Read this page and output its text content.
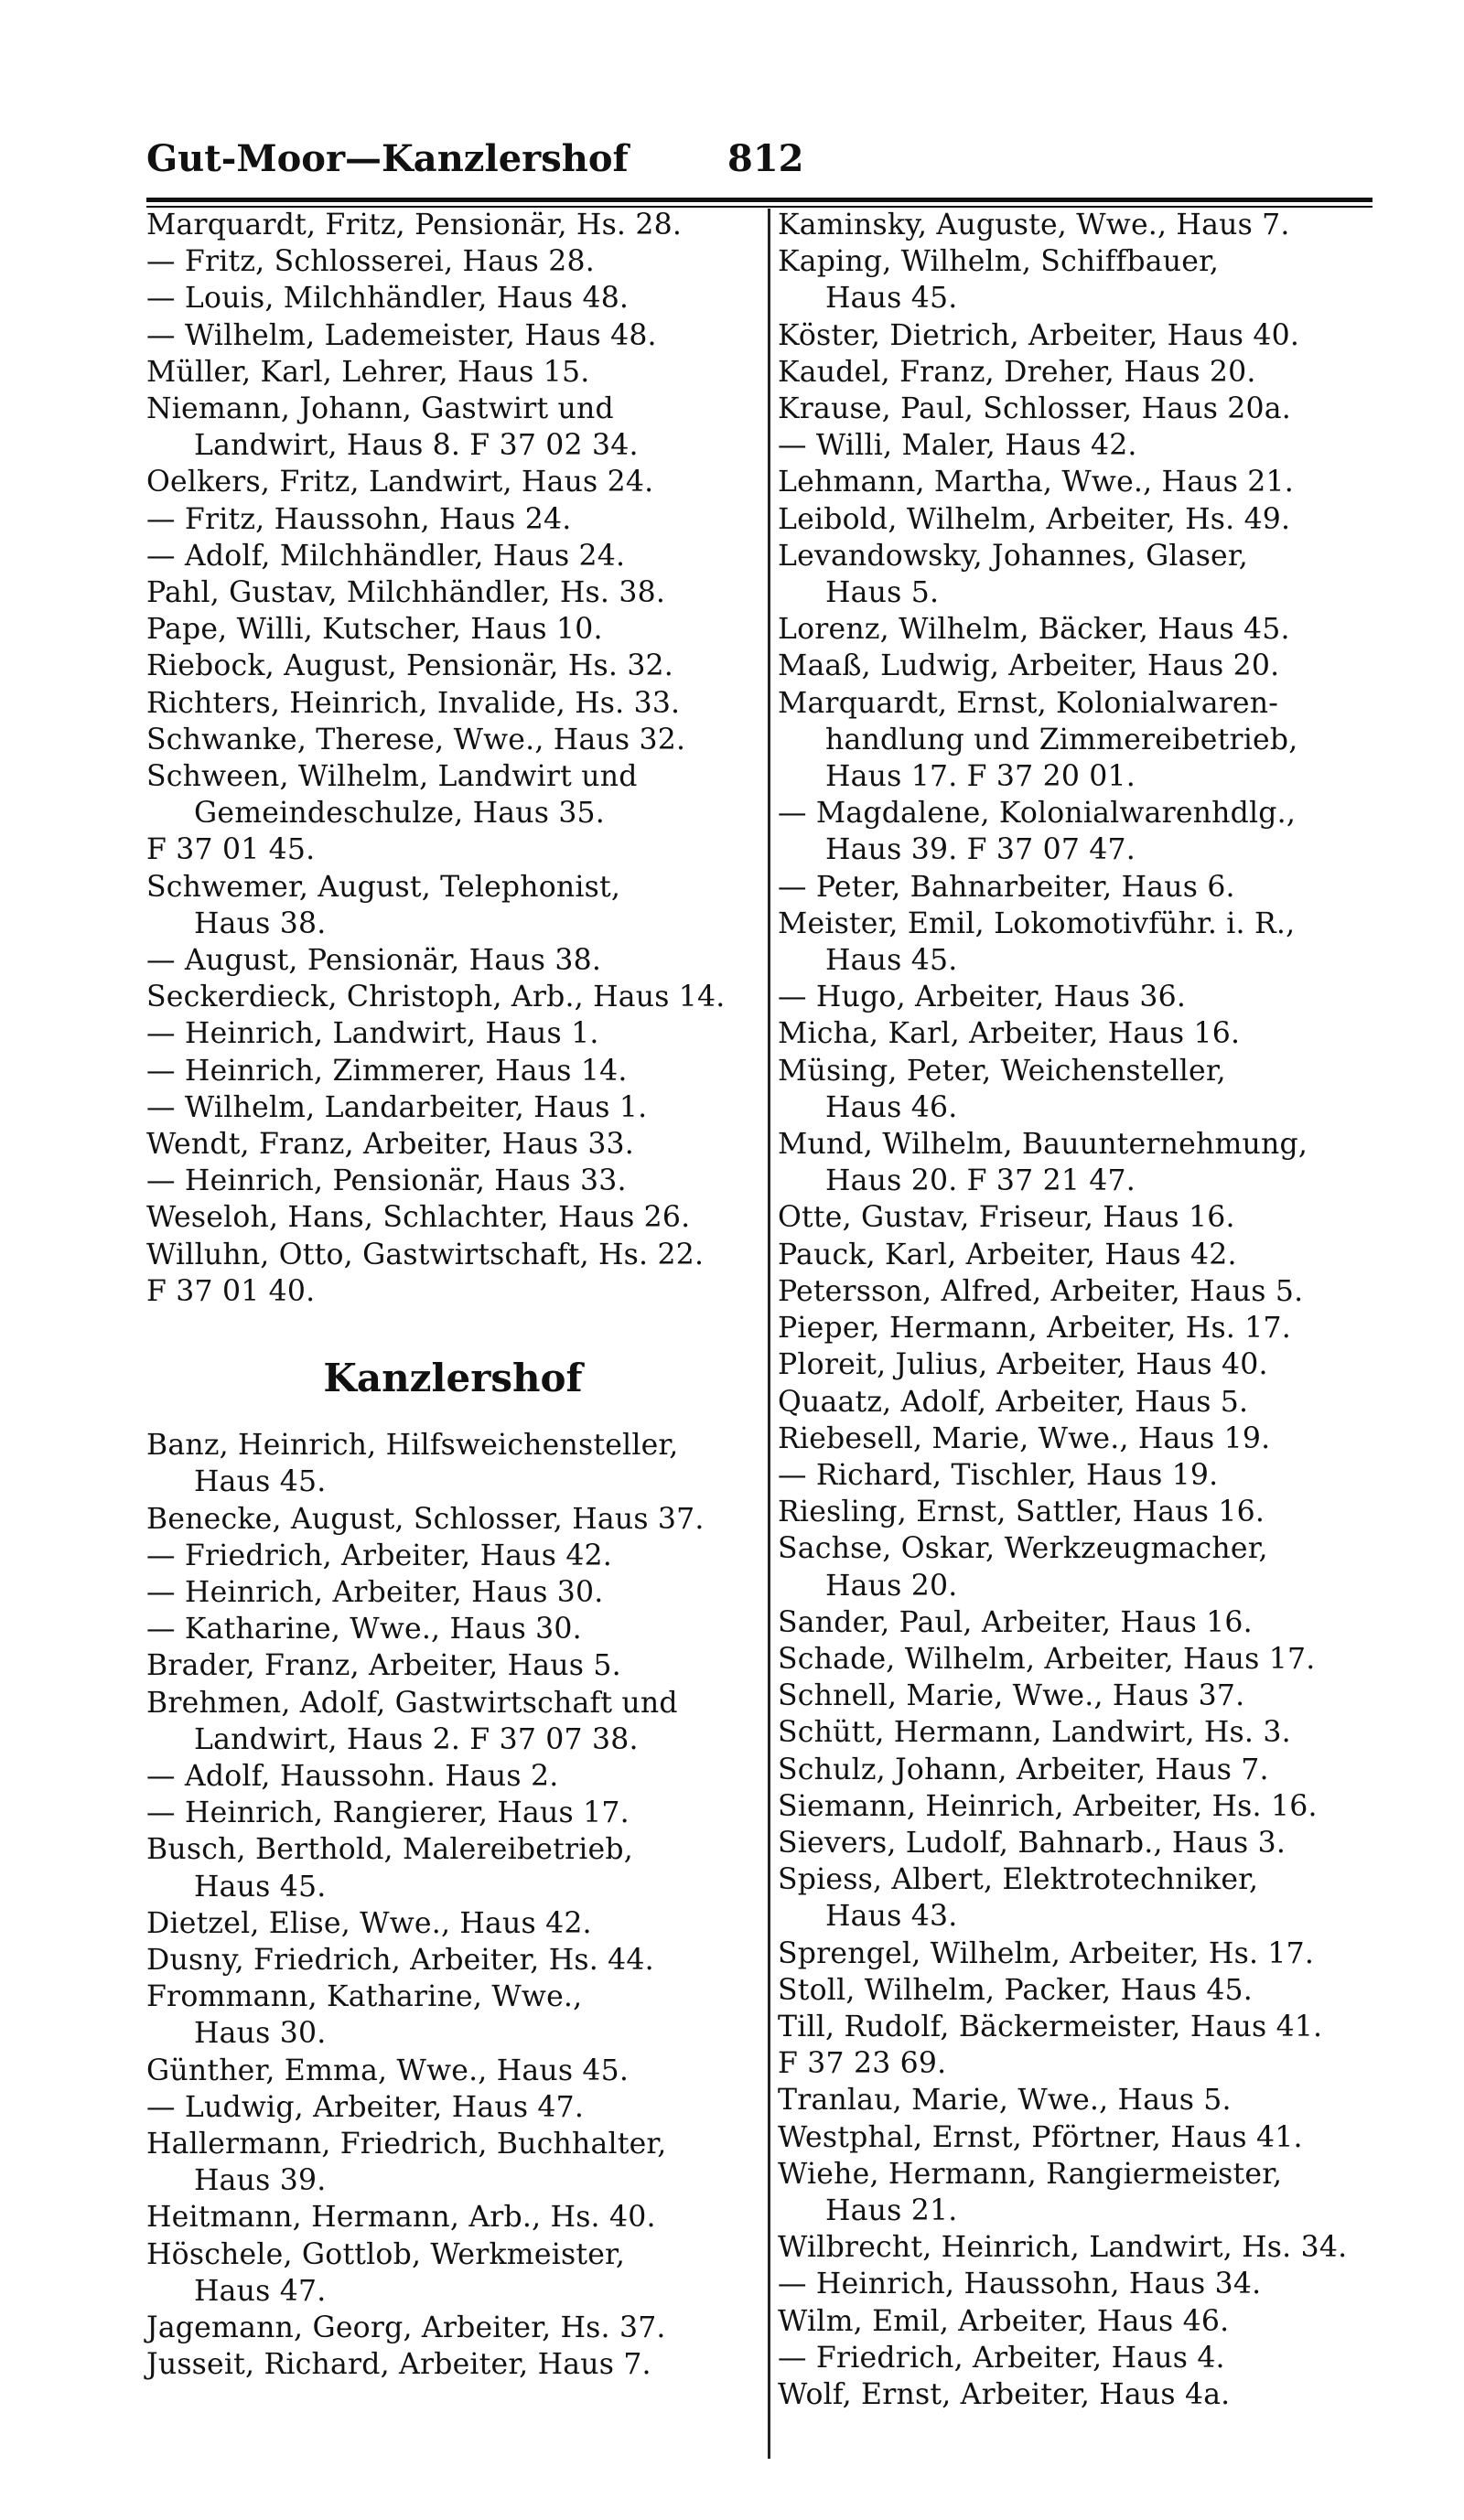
Gut-Moor—Kanzlershof	812
Marquardt, Fritz, Pensionär, Hs. 28.
— Fritz, Schlosserei, Haus 28.
— Louis, Milchhändler, Haus 48.
— Wilhelm, Lademeister, Haus 48.
Müller, Karl, Lehrer, Haus 15.
Niemann, Johann, Gastwirt und
Landwirt, Haus 8. F 37 02 34.
Oelkers, Fritz, Landwirt, Haus 24.
— Fritz, Haussohn, Haus 24.
— Adolf, Milchhändler, Haus 24.
Pahl, Gustav, Milchhändler, Hs. 38.
Pape, Willi, Kutscher, Haus 10.
Riebock, August, Pensionär, Hs. 32.
Richters, Heinrich, Invalide, Hs. 33.
Schwanke, Therese, Wwe., Haus 32.
Schween, Wilhelm, Landwirt und
Gemeindeschulze, Haus 35.
F 37 01 45.
Schwemer, August, Telephonist,
Haus 38.
— August, Pensionär, Haus 38.
Seckerdieck, Christoph, Arb., Haus 14.
— Heinrich, Landwirt, Haus 1.
— Heinrich, Zimmerer, Haus 14.
— Wilhelm, Landarbeiter, Haus 1.
Wendt, Franz, Arbeiter, Haus 33.
— Heinrich, Pensionär, Haus 33.
Weseloh, Hans, Schlachter, Haus 26.
Willuhn, Otto, Gastwirtschaft, Hs. 22.
F 37 01 40.
Kanzlershof
Banz, Heinrich, Hilfsweichensteller,
Haus 45.
Benecke, August, Schlosser, Haus 37.
— Friedrich, Arbeiter, Haus 42.
— Heinrich, Arbeiter, Haus 30.
— Katharine, Wwe., Haus 30.
Brader, Franz, Arbeiter, Haus 5.
Brehmen, Adolf, Gastwirtschaft und
Landwirt, Haus 2. F 37 07 38.
— Adolf, Haussohn. Haus 2.
— Heinrich, Rangierer, Haus 17.
Busch, Berthold, Malereibetrieb,
Haus 45.
Dietzel, Elise, Wwe., Haus 42.
Dusny, Friedrich, Arbeiter, Hs. 44.
Frommann, Katharine, Wwe.,
Haus 30.
Günther, Emma, Wwe., Haus 45.
— Ludwig, Arbeiter, Haus 47.
Hallermann, Friedrich, Buchhalter,
Haus 39.
Heitmann, Hermann, Arb., Hs. 40.
Höschele, Gottlob, Werkmeister,
Haus 47.
Jagemann, Georg, Arbeiter, Hs. 37.
Jusseit, Richard, Arbeiter, Haus 7.
Kaminsky, Auguste, Wwe., Haus 7.
Kaping, Wilhelm, Schiffbauer,
Haus 45.
Köster, Dietrich, Arbeiter, Haus 40.
Kaudel, Franz, Dreher, Haus 20.
Krause, Paul, Schlosser, Haus 20a.
— Willi, Maler, Haus 42.
Lehmann, Martha, Wwe., Haus 21.
Leibold, Wilhelm, Arbeiter, Hs. 49.
Levandowsky, Johannes, Glaser,
Haus 5.
Lorenz, Wilhelm, Bäcker, Haus 45.
Maaß, Ludwig, Arbeiter, Haus 20.
Marquardt, Ernst, Kolonialwaren-
handlung und Zimmereibetrieb,
Haus 17. F 37 20 01.
— Magdalene, Kolonialwarenhdlg.,
Haus 39. F 37 07 47.
— Peter, Bahnarbeiter, Haus 6.
Meister, Emil, Lokomotivführ. i. R.,
Haus 45.
— Hugo, Arbeiter, Haus 36.
Micha, Karl, Arbeiter, Haus 16.
Müsing, Peter, Weichensteller,
Haus 46.
Mund, Wilhelm, Bauunternehmung,
Haus 20. F 37 21 47.
Otte, Gustav, Friseur, Haus 16.
Pauck, Karl, Arbeiter, Haus 42.
Petersson, Alfred, Arbeiter, Haus 5.
Pieper, Hermann, Arbeiter, Hs. 17.
Ploreit, Julius, Arbeiter, Haus 40.
Quaatz, Adolf, Arbeiter, Haus 5.
Riebesell, Marie, Wwe., Haus 19.
— Richard, Tischler, Haus 19.
Riesling, Ernst, Sattler, Haus 16.
Sachse, Oskar, Werkzeugmacher,
Haus 20.
Sander, Paul, Arbeiter, Haus 16.
Schade, Wilhelm, Arbeiter, Haus 17.
Schnell, Marie, Wwe., Haus 37.
Schütt, Hermann, Landwirt, Hs. 3.
Schulz, Johann, Arbeiter, Haus 7.
Siemann, Heinrich, Arbeiter, Hs. 16.
Sievers, Ludolf, Bahnarb., Haus 3.
Spiess, Albert, Elektrotechniker,
Haus 43.
Sprengel, Wilhelm, Arbeiter, Hs. 17.
Stoll, Wilhelm, Packer, Haus 45.
Till, Rudolf, Bäckermeister, Haus 41.
F 37 23 69.
Tranlau, Marie, Wwe., Haus 5.
Westphal, Ernst, Pförtner, Haus 41.
Wiehe, Hermann, Rangiermeister,
Haus 21.
Wilbrecht, Heinrich, Landwirt, Hs. 34.
— Heinrich, Haussohn, Haus 34.
Wilm, Emil, Arbeiter, Haus 46.
— Friedrich, Arbeiter, Haus 4.
Wolf, Ernst, Arbeiter, Haus 4a.
